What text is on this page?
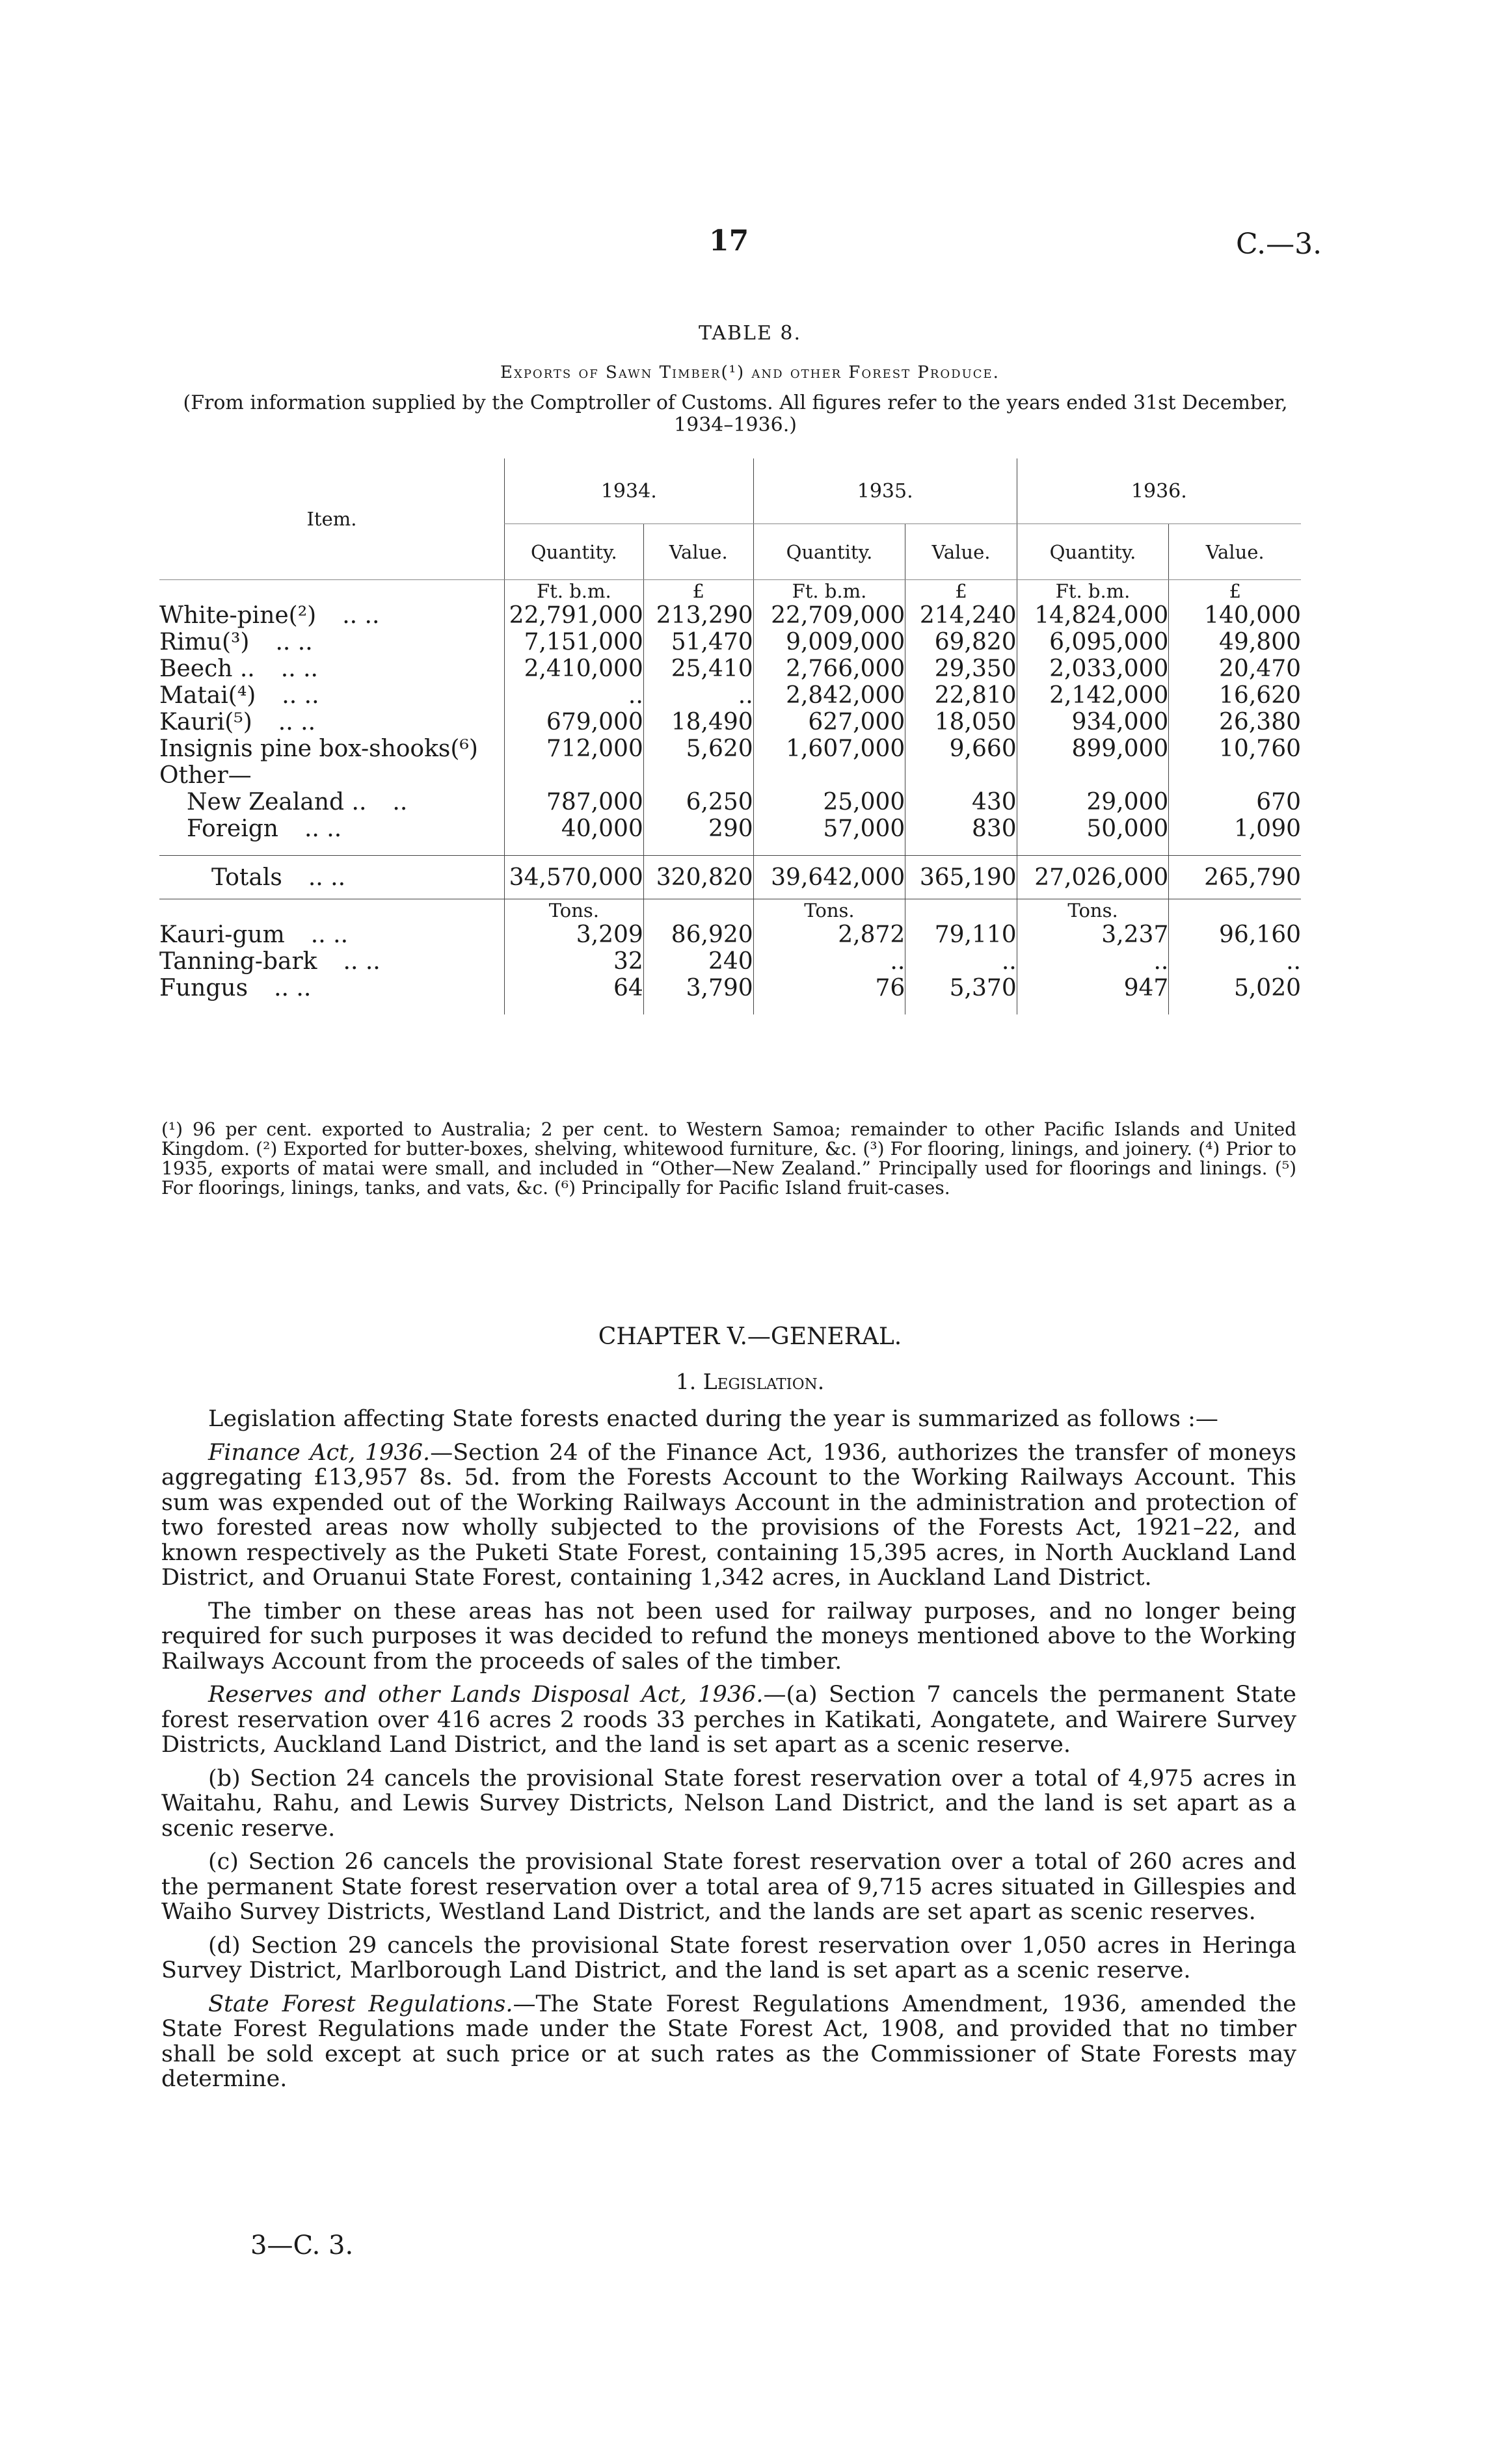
17	C.—3.
TABLE 8.
Exports of Sawn Timber(¹) and other Forest Produce.
(From information supplied by the Comptroller of Customs. All figures refer to the years ended 31st December, 1934–1936.)
Item.	1934.		1935.		1936.	
	Quantity.	Value.	Quantity.	Value.	Quantity.	Value.
	Ft. b.m.	£	Ft. b.m.	£	Ft. b.m.	£
White-pine(²) .. ..	22,791,000	213,290	22,709,000	214,240	14,824,000	140,000
Rimu(³) .. ..	7,151,000	51,470	9,009,000	69,820	6,095,000	49,800
Beech .. .. ..	2,410,000	25,410	2,766,000	29,350	2,033,000	20,470
Matai(⁴) .. ..	..	..	2,842,000	22,810	2,142,000	16,620
Kauri(⁵) .. ..	679,000	18,490	627,000	18,050	934,000	26,380
Insignis pine box-shooks(⁶)	712,000	5,620	1,607,000	9,660	899,000	10,760
Other—						
New Zealand .. ..	787,000	6,250	25,000	430	29,000	670
Foreign .. ..	40,000	290	57,000	830	50,000	1,090

Totals .. ..	34,570,000	320,820	39,642,000	365,190	27,026,000	265,790
	Tons.		Tons.		Tons.	
Kauri-gum .. ..	3,209	86,920	2,872	79,110	3,237	96,160
Tanning-bark .. ..	32	240	..	..	..	..
Fungus .. ..	64	3,790	76	5,370	947	5,020

(¹) 96 per cent. exported to Australia; 2 per cent. to Western Samoa; remainder to other Pacific Islands and United Kingdom. (²) Exported for butter-boxes, shelving, whitewood furniture, &c. (³) For flooring, linings, and joinery. (⁴) Prior to 1935, exports of matai were small, and included in “Other—New Zealand.” Principally used for floorings and linings. (⁵) For floorings, linings, tanks, and vats, &c. (⁶) Principally for Pacific Island fruit-cases.
CHAPTER V.—GENERAL.
1. Legislation.

Legislation affecting State forests enacted during the year is summarized as follows :—

Finance Act, 1936.—Section 24 of the Finance Act, 1936, authorizes the transfer of moneys aggregating £13,957 8s. 5d. from the Forests Account to the Working Railways Account. This sum was expended out of the Working Railways Account in the administration and protection of two forested areas now wholly subjected to the provisions of the Forests Act, 1921–22, and known respectively as the Puketi State Forest, containing 15,395 acres, in North Auckland Land District, and Oruanui State Forest, containing 1,342 acres, in Auckland Land District.

The timber on these areas has not been used for railway purposes, and no longer being required for such purposes it was decided to refund the moneys mentioned above to the Working Railways Account from the proceeds of sales of the timber.

Reserves and other Lands Disposal Act, 1936.—(a) Section 7 cancels the permanent State forest reservation over 416 acres 2 roods 33 perches in Katikati, Aongatete, and Wairere Survey Districts, Auckland Land District, and the land is set apart as a scenic reserve.

(b) Section 24 cancels the provisional State forest reservation over a total of 4,975 acres in Waitahu, Rahu, and Lewis Survey Districts, Nelson Land District, and the land is set apart as a scenic reserve.

(c) Section 26 cancels the provisional State forest reservation over a total of 260 acres and the permanent State forest reservation over a total area of 9,715 acres situated in Gillespies and Waiho Survey Districts, Westland Land District, and the lands are set apart as scenic reserves.

(d) Section 29 cancels the provisional State forest reservation over 1,050 acres in Heringa Survey District, Marlborough Land District, and the land is set apart as a scenic reserve.

State Forest Regulations.—The State Forest Regulations Amendment, 1936, amended the State Forest Regulations made under the State Forest Act, 1908, and provided that no timber shall be sold except at such price or at such rates as the Commissioner of State Forests may determine.

3—C. 3.
